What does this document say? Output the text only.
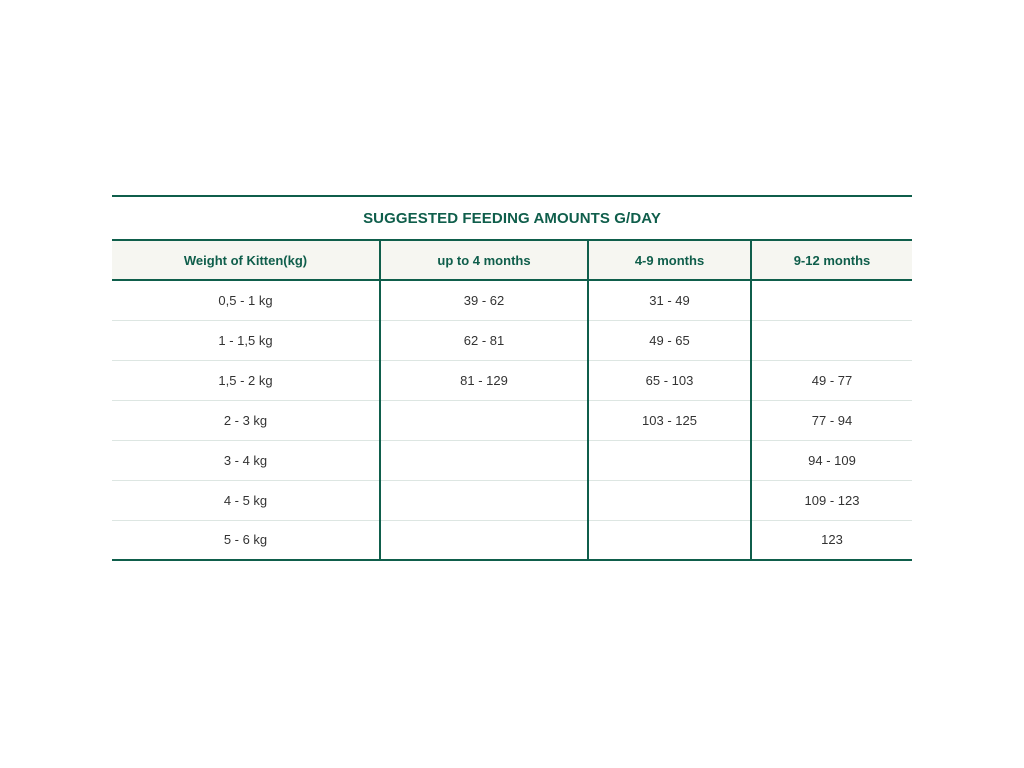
SUGGESTED FEEDING AMOUNTS G/DAY
Weight of Kitten(kg)	up to 4 months	4-9 months	9-12 months
0,5 - 1 kg	39 - 62	31 - 49	
1 - 1,5 kg	62 - 81	49 - 65	
1,5 - 2 kg	81 - 129	65 - 103	49 - 77
2 - 3 kg		103 - 125	77 - 94
3 - 4 kg			94 - 109
4 - 5 kg			109 - 123
5 - 6 kg			123
